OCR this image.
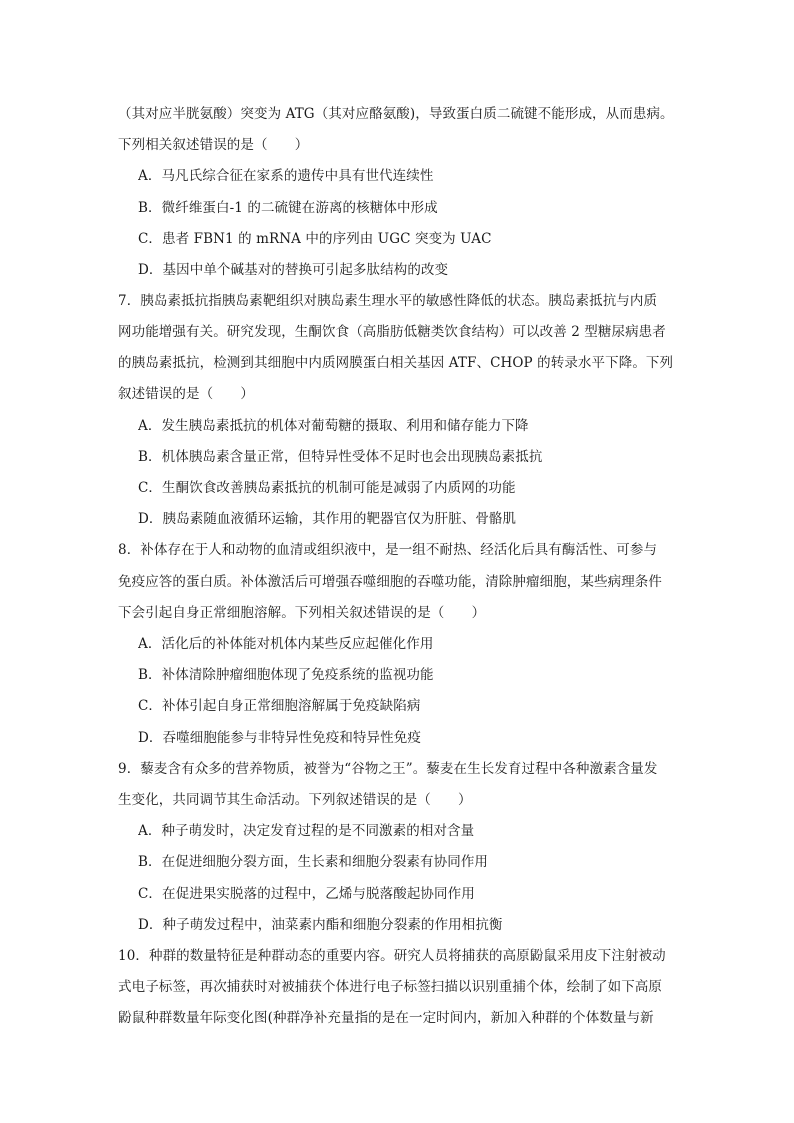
（其对应半胱氨酸）突变为 ATG（其对应酪氨酸)，导致蛋白质二硫键不能形成，从而患病。
下列相关叙述错误的是（　　）
A．马凡氏综合征在家系的遗传中具有世代连续性
B．微纤维蛋白-1 的二硫键在游离的核糖体中形成
C．患者 FBN1 的 mRNA 中的序列由 UGC 突变为 UAC
D．基因中单个碱基对的替换可引起多肽结构的改变
7．胰岛素抵抗指胰岛素靶组织对胰岛素生理水平的敏感性降低的状态。胰岛素抵抗与内质
网功能增强有关。研究发现，生酮饮食（高脂肪低糖类饮食结构）可以改善 2 型糖尿病患者
的胰岛素抵抗，检测到其细胞中内质网膜蛋白相关基因 ATF、CHOP 的转录水平下降。下列
叙述错误的是（　　）
A．发生胰岛素抵抗的机体对葡萄糖的摄取、利用和储存能力下降
B．机体胰岛素含量正常，但特异性受体不足时也会出现胰岛素抵抗
C．生酮饮食改善胰岛素抵抗的机制可能是减弱了内质网的功能
D．胰岛素随血液循环运输，其作用的靶器官仅为肝脏、骨骼肌
8．补体存在于人和动物的血清或组织液中，是一组不耐热、经活化后具有酶活性、可参与
免疫应答的蛋白质。补体激活后可增强吞噬细胞的吞噬功能，清除肿瘤细胞，某些病理条件
下会引起自身正常细胞溶解。下列相关叙述错误的是（　　）
A．活化后的补体能对机体内某些反应起催化作用
B．补体清除肿瘤细胞体现了免疫系统的监视功能
C．补体引起自身正常细胞溶解属于免疫缺陷病
D．吞噬细胞能参与非特异性免疫和特异性免疫
9．藜麦含有众多的营养物质，被誉为“谷物之王”。藜麦在生长发育过程中各种激素含量发
生变化，共同调节其生命活动。下列叙述错误的是（　　）
A．种子萌发时，决定发育过程的是不同激素的相对含量
B．在促进细胞分裂方面，生长素和细胞分裂素有协同作用
C．在促进果实脱落的过程中，乙烯与脱落酸起协同作用
D．种子萌发过程中，油菜素内酯和细胞分裂素的作用相抗衡
10．种群的数量特征是种群动态的重要内容。研究人员将捕获的高原鼢鼠采用皮下注射被动
式电子标签，再次捕获时对被捕获个体进行电子标签扫描以识别重捕个体，绘制了如下高原
鼢鼠种群数量年际变化图(种群净补充量指的是在一定时间内，新加入种群的个体数量与新
